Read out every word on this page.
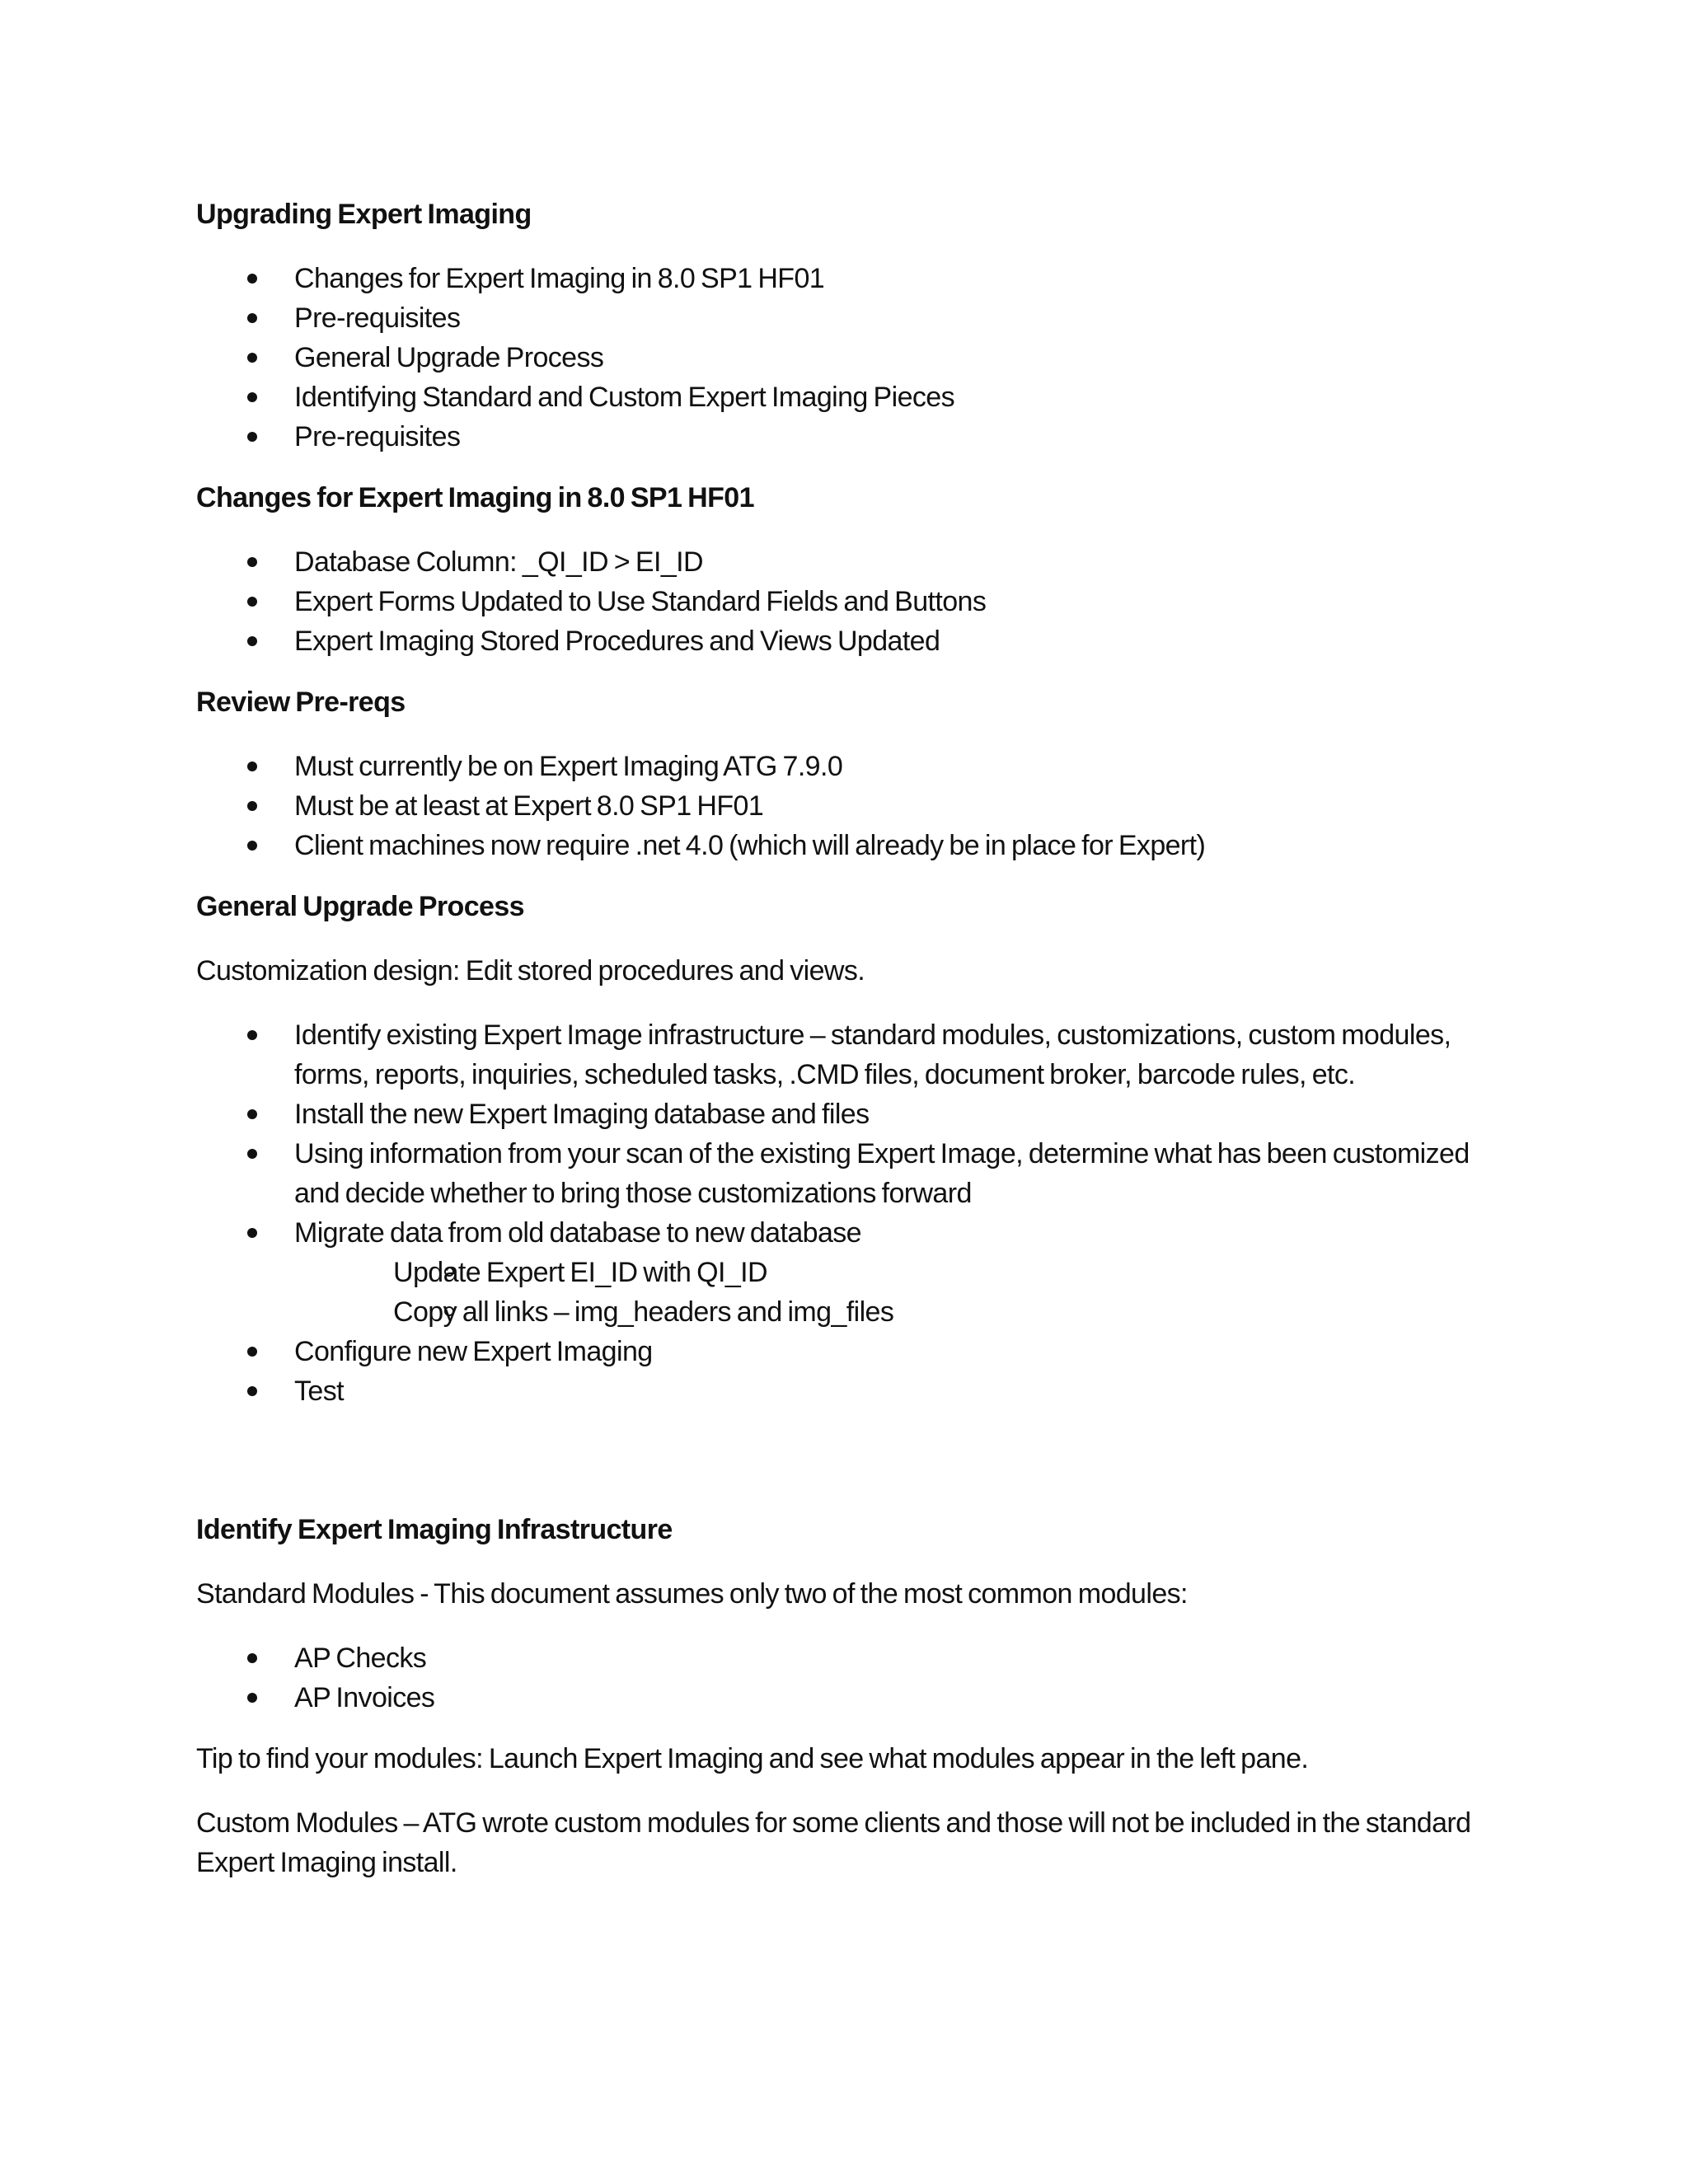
Upgrading Expert Imaging
Changes for Expert Imaging in 8.0 SP1 HF01
Pre-requisites
General Upgrade Process
Identifying Standard and Custom Expert Imaging Pieces
Pre-requisites
Changes for Expert Imaging in 8.0 SP1 HF01
Database Column: _QI_ID > EI_ID
Expert Forms Updated to Use Standard Fields and Buttons
Expert Imaging Stored Procedures and Views Updated
Review Pre-reqs
Must currently be on Expert Imaging ATG 7.9.0
Must be at least at Expert 8.0 SP1 HF01
Client machines now require .net 4.0 (which will already be in place for Expert)
General Upgrade Process
Customization design: Edit stored procedures and views.
Identify existing Expert Image infrastructure – standard modules, customizations, custom modules, forms, reports, inquiries, scheduled tasks, .CMD files, document broker, barcode rules, etc.
Install the new Expert Imaging database and files
Using information from your scan of the existing Expert Image, determine what has been customized and decide whether to bring those customizations forward
Migrate data from old database to new database
Update Expert EI_ID with QI_ID
Copy all links – img_headers and img_files
Configure new Expert Imaging
Test
Identify Expert Imaging Infrastructure
Standard Modules - This document assumes only two of the most common modules:
AP Checks
AP Invoices
Tip to find your modules: Launch Expert Imaging and see what modules appear in the left pane.
Custom Modules – ATG wrote custom modules for some clients and those will not be included in the standard Expert Imaging install.
